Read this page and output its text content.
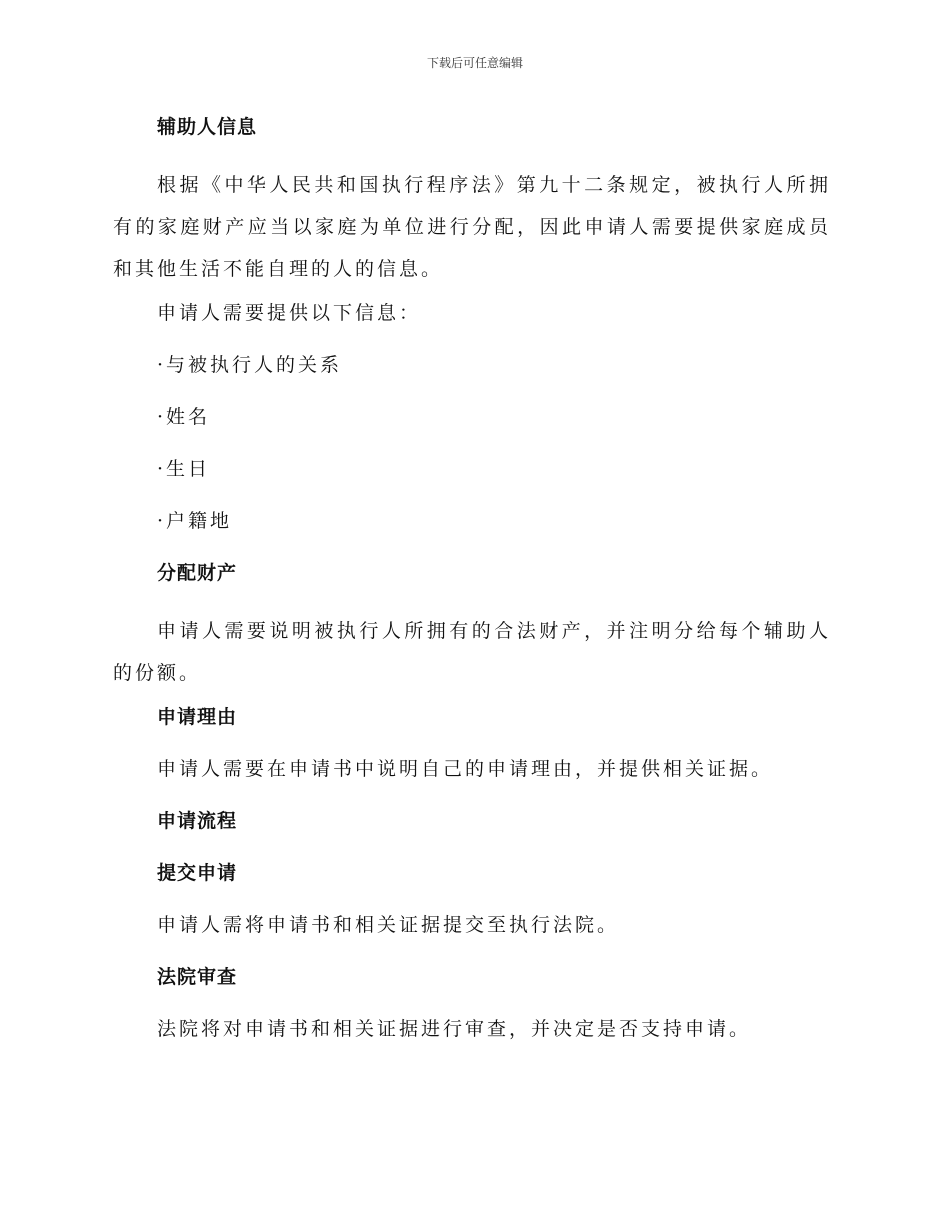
下载后可任意编辑
辅助人信息

根据《中华人民共和国执行程序法》第九十二条规定，被执行人所拥有的家庭财产应当以家庭为单位进行分配，因此申请人需要提供家庭成员和其他生活不能自理的人的信息。

申请人需要提供以下信息：
· 与被执行人的关系
· 姓名
· 生日
· 户籍地
分配财产

申请人需要说明被执行人所拥有的合法财产，并注明分给每个辅助人的份额。

申请理由
申请人需要在申请书中说明自己的申请理由，并提供相关证据。
申请流程
提交申请
申请人需将申请书和相关证据提交至执行法院。
法院审查
法院将对申请书和相关证据进行审查，并决定是否支持申请。
